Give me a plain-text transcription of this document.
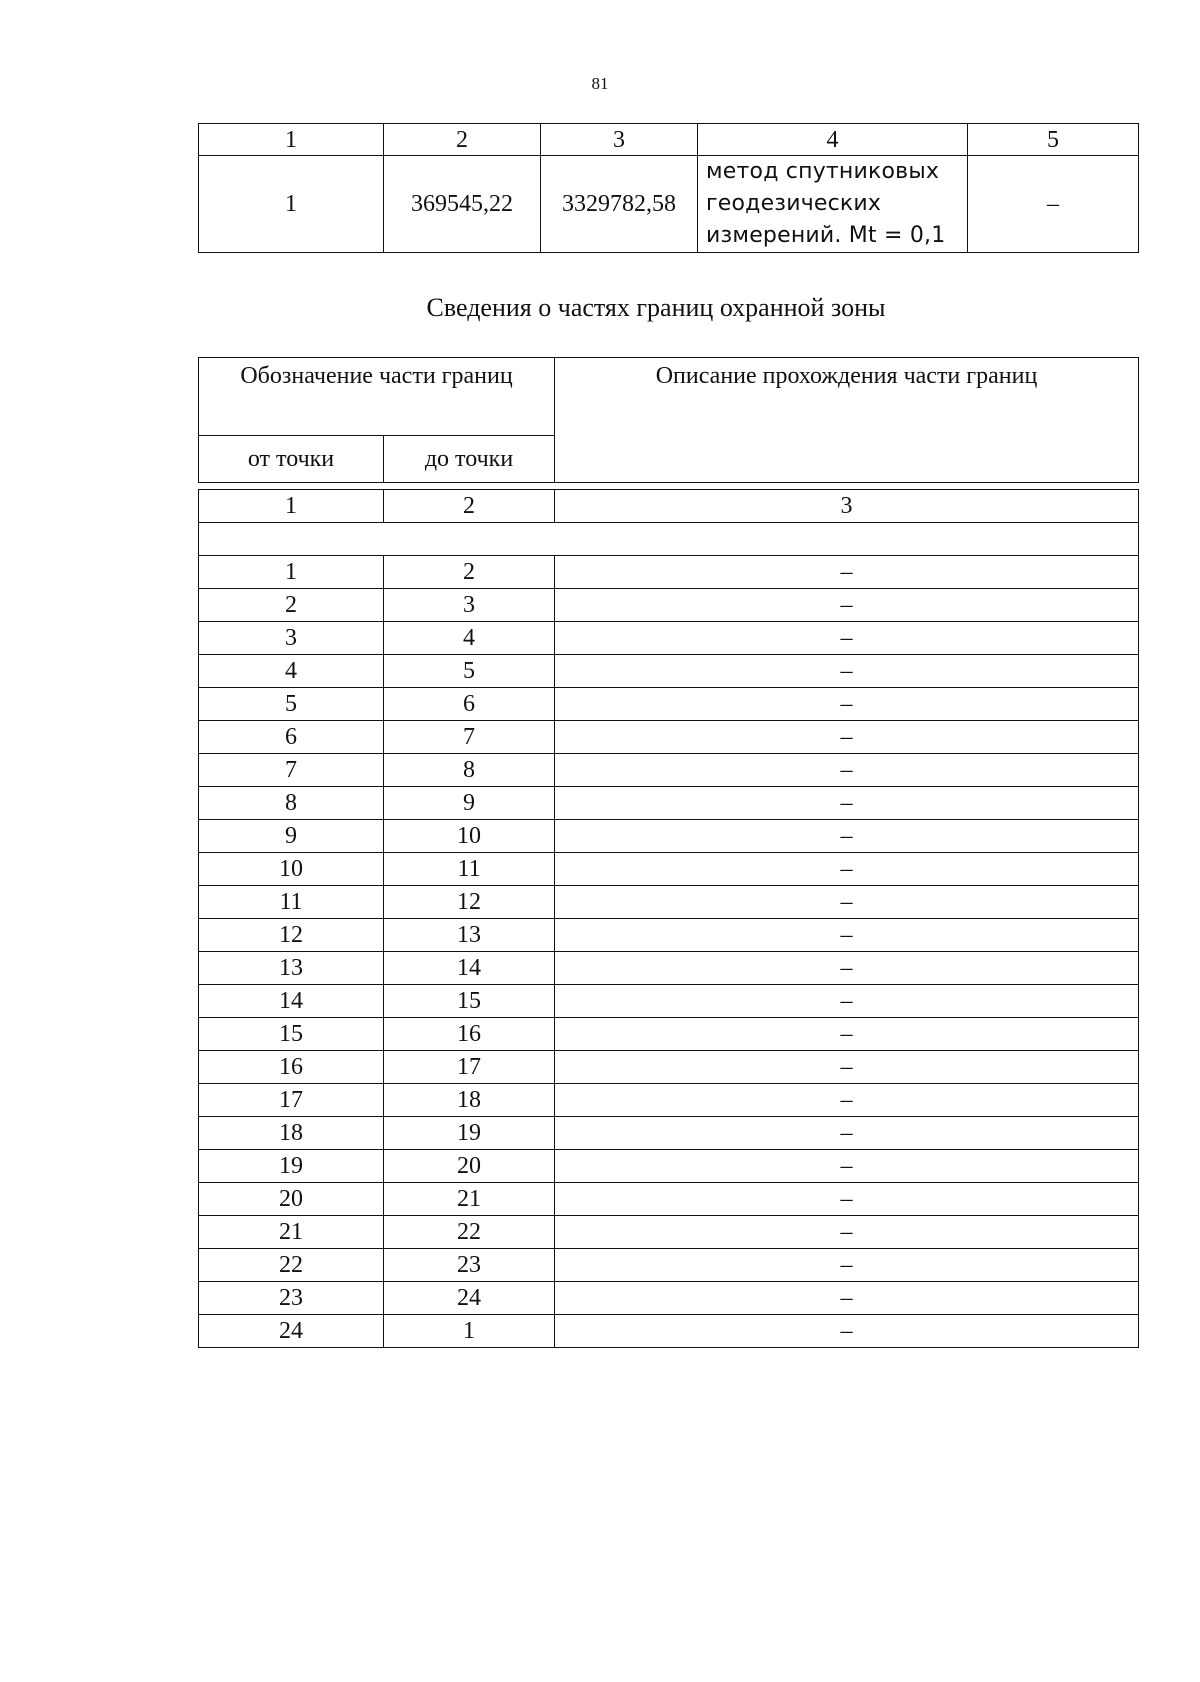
81
1	2	3	4	5
1	369545,22	3329782,58	метод спутниковых
геодезических
измерений. Mt = 0,1	–
Сведения о частях границ охранной зоны
Обозначение части границ		Описание прохождения части границ
от точки	до точки	

1	2	3

1	2	–
2	3	–
3	4	–
4	5	–
5	6	–
6	7	–
7	8	–
8	9	–
9	10	–
10	11	–
11	12	–
12	13	–
13	14	–
14	15	–
15	16	–
16	17	–
17	18	–
18	19	–
19	20	–
20	21	–
21	22	–
22	23	–
23	24	–
24	1	–
